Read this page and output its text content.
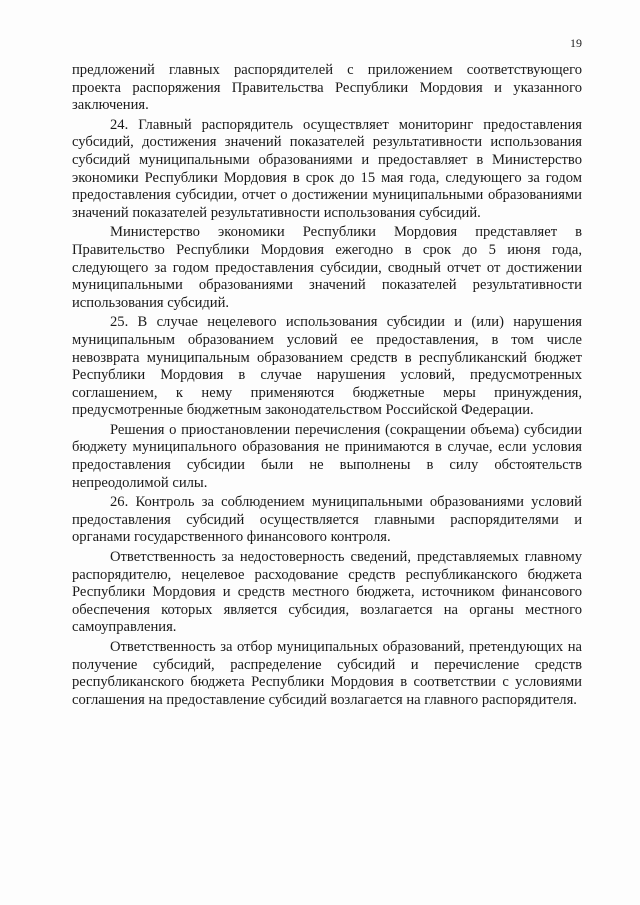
19

предложений главных распорядителей с приложением соответствующего проекта распоряжения Правительства Республики Мордовия и указанного заключения.

24. Главный распорядитель осуществляет мониторинг предоставления субсидий, достижения значений показателей результативности использования субсидий муниципальными образованиями и предоставляет в Министерство экономики Республики Мордовия в срок до 15 мая года, следующего за годом предоставления субсидии, отчет о достижении муниципальными образованиями значений показателей результативности использования субсидий.

Министерство экономики Республики Мордовия представляет в Правительство Республики Мордовия ежегодно в срок до 5 июня года, следующего за годом предоставления субсидии, сводный отчет от достижении муниципальными образованиями значений показателей результативности использования субсидий.

25. В случае нецелевого использования субсидии и (или) нарушения муниципальным образованием условий ее предоставления, в том числе невозврата муниципальным образованием средств в республиканский бюджет Республики Мордовия в случае нарушения условий, предусмотренных соглашением, к нему применяются бюджетные меры принуждения, предусмотренные бюджетным законодательством Российской Федерации.

Решения о приостановлении перечисления (сокращении объема) субсидии бюджету муниципального образования не принимаются в случае, если условия предоставления субсидии были не выполнены в силу обстоятельств непреодолимой силы.

26. Контроль за соблюдением муниципальными образованиями условий предоставления субсидий осуществляется главными распорядителями и органами государственного финансового контроля.

Ответственность за недостоверность сведений, представляемых главному распорядителю, нецелевое расходование средств республиканского бюджета Республики Мордовия и средств местного бюджета, источником финансового обеспечения которых является субсидия, возлагается на органы местного самоуправления.

Ответственность за отбор муниципальных образований, претендующих на получение субсидий, распределение субсидий и перечисление средств республиканского бюджета Республики Мордовия в соответствии с условиями соглашения на предоставление субсидий возлагается на главного распорядителя.
